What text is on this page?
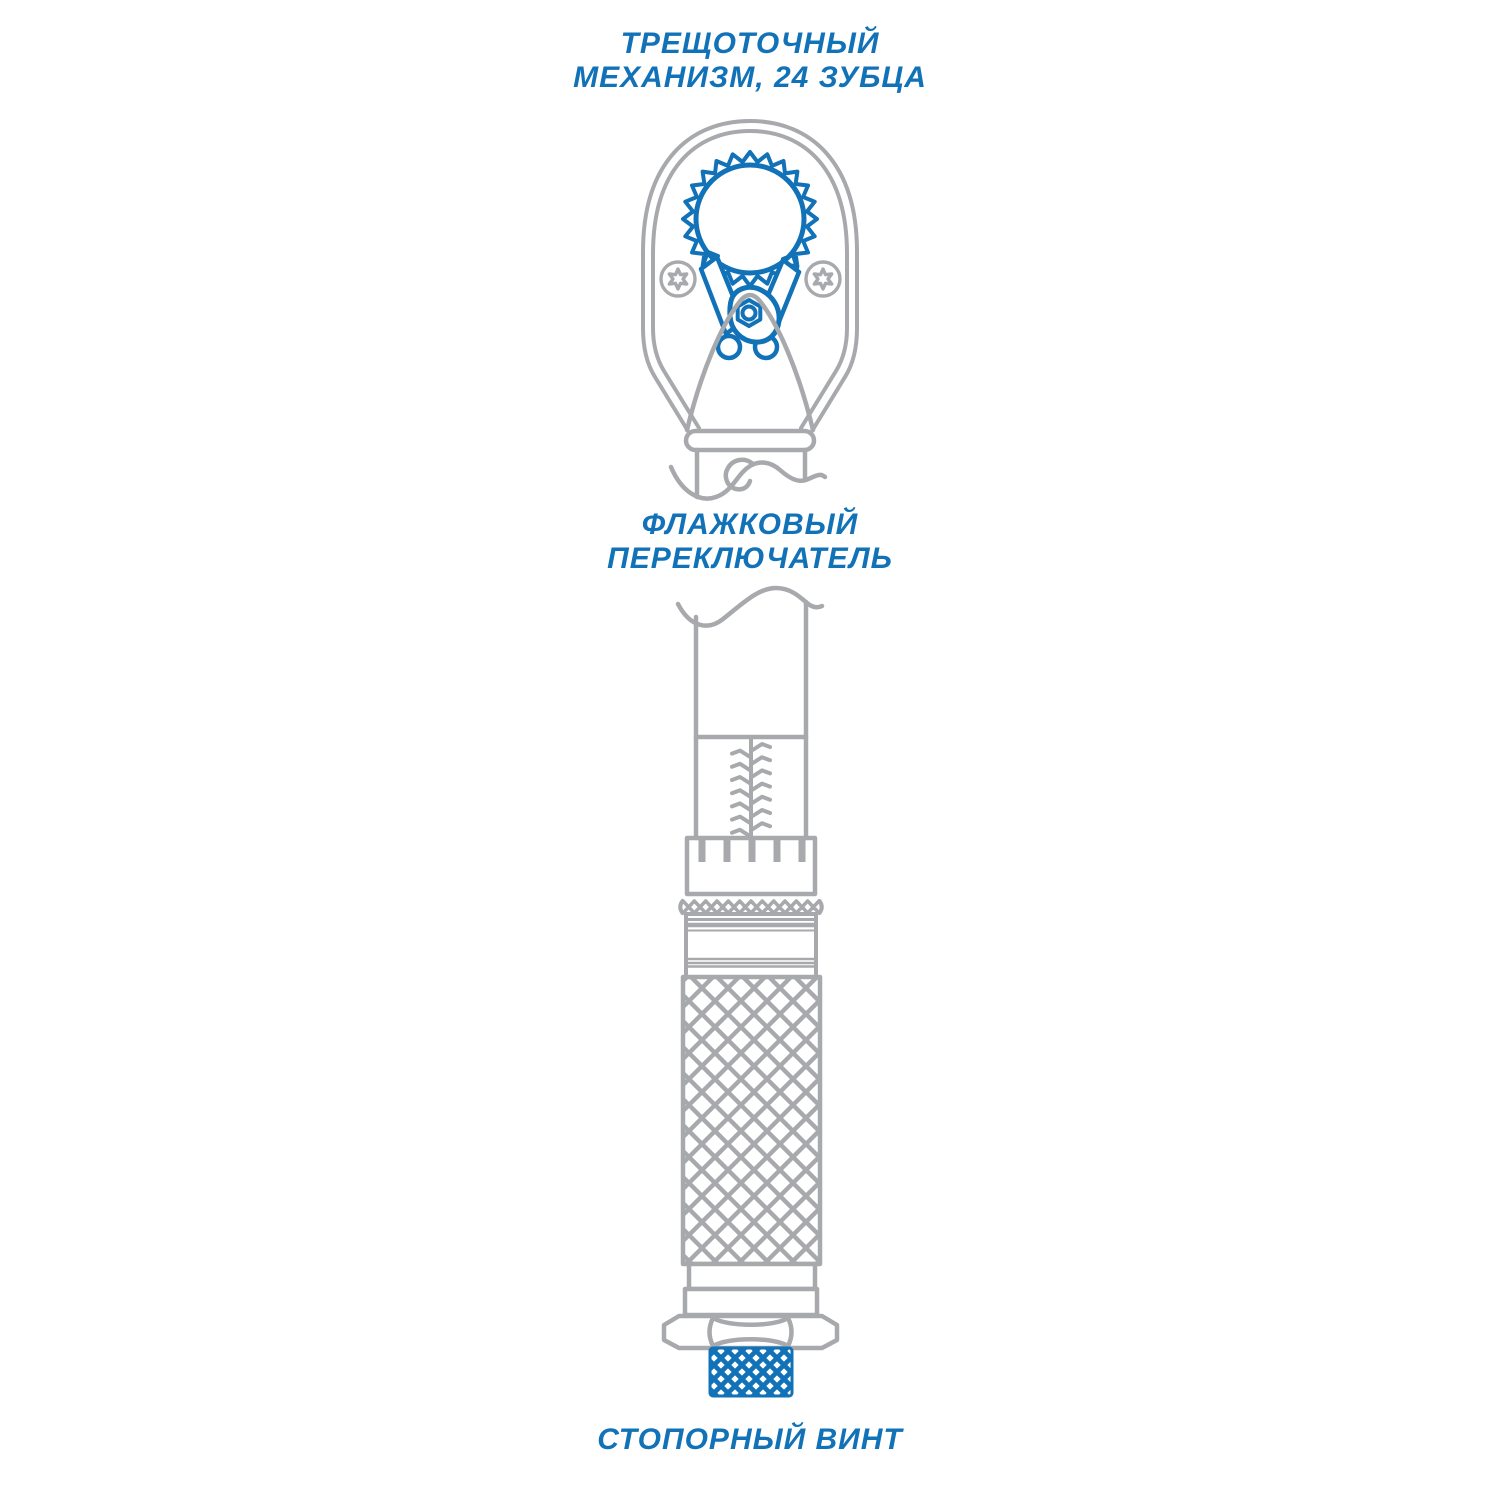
ТРЕЩОТОЧНЫЙ
МЕХАНИЗМ, 24 ЗУБЦА
ФЛАЖКОВЫЙ
ПЕРЕКЛЮЧАТЕЛЬ
СТОПОРНЫЙ ВИНТ
